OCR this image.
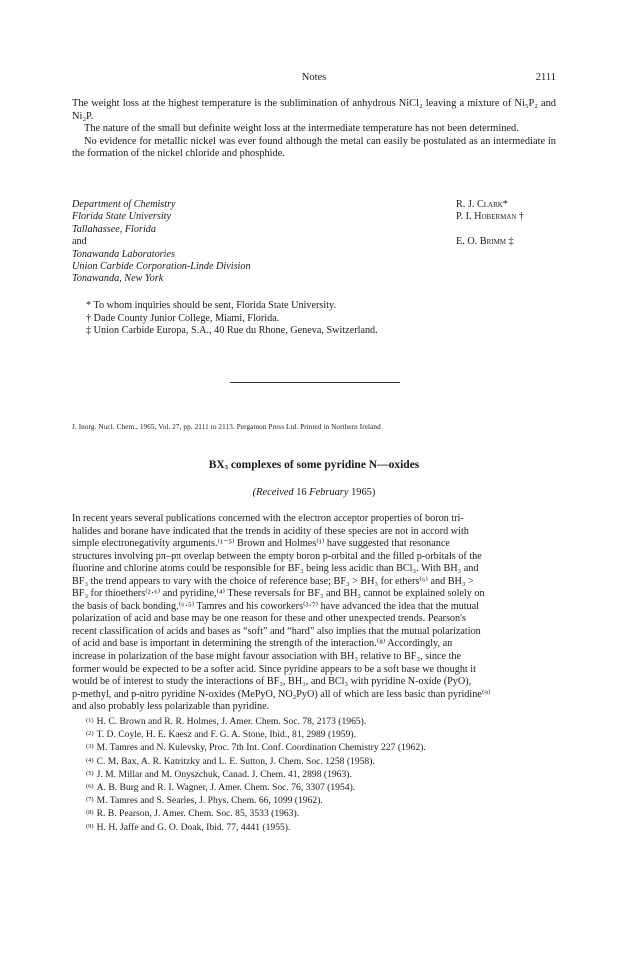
Notes	2111

The weight loss at the highest temperature is the sublimination of anhydrous NiCl₂ leaving a mixture of Ni₅P₂ and Ni₂P.

The nature of the small but definite weight loss at the intermediate temperature has not been determined.

No evidence for metallic nickel was ever found although the metal can easily be postulated as an intermediate in the formation of the nickel chloride and phosphide.

Department of Chemistry	R. J. Clark*
Florida State University	P. I. Hoberman †
Tallahassee, Florida
and	E. O. Brimm ‡
Tonawanda Laboratories
Union Carbide Corporation-Linde Division
Tonawanda, New York
* To whom inquiries should be sent, Florida State University.
† Dade County Junior College, Miami, Florida.
‡ Union Carbide Europa, S.A., 40 Rue du Rhone, Geneva, Switzerland.
J. Inorg. Nucl. Chem., 1965, Vol. 27, pp. 2111 to 2113. Pergamon Press Ltd. Printed in Northern Ireland
$BX_3$ complexes of some pyridine N—oxides
(Received 16 February 1965)
In recent years several publications concerned with the electron acceptor properties of boron tri-
halides and borane have indicated that the trends in acidity of these species are not in accord with
simple electronegativity arguments.⁽¹⁻⁵⁾ Brown and Holmes⁽¹⁾ have suggested that resonance
structures involving pπ–pπ overlap between the empty boron p-orbital and the filled p-orbitals of the
fluorine and chlorine atoms could be responsible for BF₃ being less acidic than BCl₃. With BH₃ and
BF₃ the trend appears to vary with the choice of reference base; BF₃ > BH₃ for ethers⁽⁶⁾ and BH₃ >
BF₃ for thioethers⁽²·⁶⁾ and pyridine,⁽⁴⁾ These reversals for BF₃ and BH₃ cannot be explained solely on
the basis of back bonding.⁽⁶·⁵⁾ Tamres and his coworkers⁽³·⁷⁾ have advanced the idea that the mutual
polarization of acid and base may be one reason for these and other unexpected trends. Pearson's
recent classification of acids and bases as “soft” and “hard” also implies that the mutual polarization
of acid and base is important in determining the strength of the interaction.⁽⁸⁾ Accordingly, an
increase in polarization of the base might favour association with BH₃ relative to BF₃, since the
former would be expected to be a softer acid. Since pyridine appears to be a soft base we thought it
would be of interest to study the interactions of BF₃, BH₃, and BCl₃ with pyridine N-oxide (PyO),
p-methyl, and p-nitro pyridine N-oxides (MePyO, NO₂PyO) all of which are less basic than pyridine⁽⁹⁾
and also probably less polarizable than pyridine.
$^{(1)}$ H. C. Brown and R. R. Holmes, J. Amer. Chem. Soc. 78, 2173 (1965).
$^{(2)}$ T. D. Coyle, H. E. Kaesz and F. G. A. Stone, Ibid., 81, 2989 (1959).
$^{(3)}$ M. Tamres and N. Kulevsky, Proc. 7th Int. Conf. Coordination Chemistry 227 (1962).
$^{(4)}$ C. M. Bax, A. R. Katritzky and L. E. Sutton, J. Chem. Soc. 1258 (1958).
$^{(5)}$ J. M. Millar and M. Onyszchuk, Canad. J. Chem. 41, 2898 (1963).
$^{(6)}$ A. B. Burg and R. I. Wagner, J. Amer. Chem. Soc. 76, 3307 (1954).
$^{(7)}$ M. Tamres and S. Searles, J. Phys. Chem. 66, 1099 (1962).
$^{(8)}$ R. B. Pearson, J. Amer. Chem. Soc. 85, 3533 (1963).
$^{(9)}$ H. H. Jaffe and G. O. Doak, Ibid. 77, 4441 (1955).
